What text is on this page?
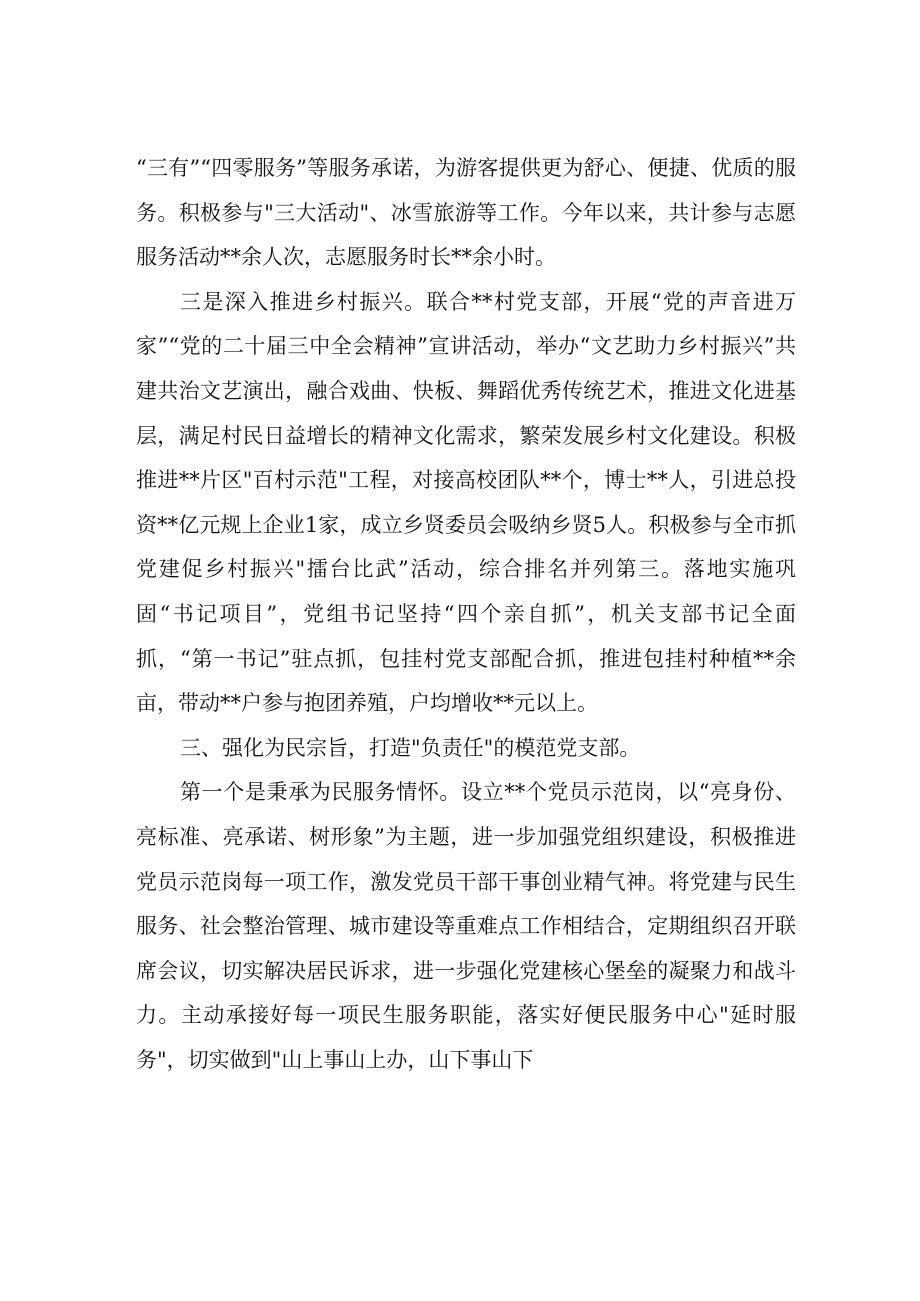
“三有”“四零服务”等服务承诺，为游客提供更为舒心、便捷、优质的服务。积极参与"三大活动"、冰雪旅游等工作。今年以来，共计参与志愿服务活动**余人次，志愿服务时长**余小时。

三是深入推进乡村振兴。联合**村党支部，开展“党的声音进万家”“党的二十届三中全会精神”宣讲活动，举办“文艺助力乡村振兴”共建共治文艺演出，融合戏曲、快板、舞蹈优秀传统艺术，推进文化进基层，满足村民日益增长的精神文化需求，繁荣发展乡村文化建设。积极推进**片区"百村示范"工程，对接高校团队**个，博士**人，引进总投资**亿元规上企业1家，成立乡贤委员会吸纳乡贤5人。积极参与全市抓党建促乡村振兴"擂台比武”活动，综合排名并列第三。落地实施巩固“书记项目”，党组书记坚持“四个亲自抓”，机关支部书记全面抓，“第一书记”驻点抓，包挂村党支部配合抓，推进包挂村种植**余亩，带动**户参与抱团养殖，户均增收**元以上。

三、强化为民宗旨，打造"负责任"的模范党支部。

第一个是秉承为民服务情怀。设立**个党员示范岗，以“亮身份、亮标准、亮承诺、树形象”为主题，进一步加强党组织建设，积极推进党员示范岗每一项工作，激发党员干部干事创业精气神。将党建与民生服务、社会整治管理、城市建设等重难点工作相结合，定期组织召开联席会议，切实解决居民诉求，进一步强化党建核心堡垒的凝聚力和战斗力。主动承接好每一项民生服务职能，落实好便民服务中心"延时服务"，切实做到"山上事山上办，山下事山下
